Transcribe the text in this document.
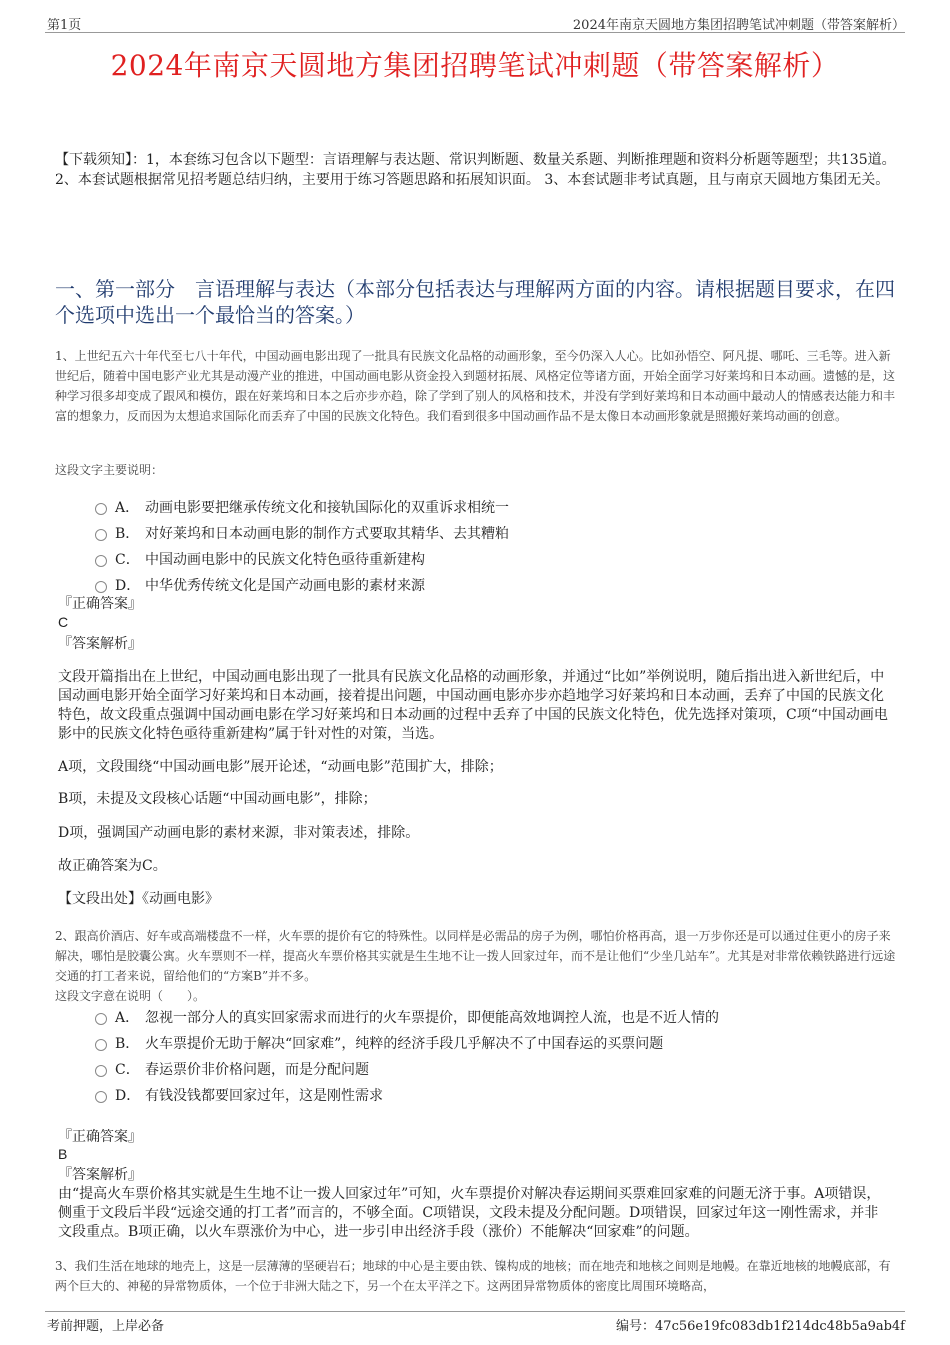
第1页	2024年南京天圆地方集团招聘笔试冲刺题（带答案解析）
2024年南京天圆地方集团招聘笔试冲刺题（带答案解析）
【下载须知】：1，本套练习包含以下题型：言语理解与表达题、常识判断题、数量关系题、判断推理题和资料分析题等题型；共135道。 2、本套试题根据常见招考题总结归纳，主要用于练习答题思路和拓展知识面。 3、本套试题非考试真题，且与南京天圆地方集团无关。
一、第一部分　言语理解与表达（本部分包括表达与理解两方面的内容。请根据题目要求，在四个选项中选出一个最恰当的答案。）
1、上世纪五六十年代至七八十年代，中国动画电影出现了一批具有民族文化品格的动画形象，至今仍深入人心。比如孙悟空、阿凡提、哪吒、三毛等。进入新世纪后，随着中国电影产业尤其是动漫产业的推进，中国动画电影从资金投入到题材拓展、风格定位等诸方面，开始全面学习好莱坞和日本动画。遗憾的是，这种学习很多却变成了跟风和模仿，跟在好莱坞和日本之后亦步亦趋，除了学到了别人的风格和技术，并没有学到好莱坞和日本动画中最动人的情感表达能力和丰富的想象力，反而因为太想追求国际化而丢弃了中国的民族文化特色。我们看到很多中国动画作品不是太像日本动画形象就是照搬好莱坞动画的创意。
这段文字主要说明：
A． 动画电影要把继承传统文化和接轨国际化的双重诉求相统一
B． 对好莱坞和日本动画电影的制作方式要取其精华、去其糟粕
C． 中国动画电影中的民族文化特色亟待重新建构
D． 中华优秀传统文化是国产动画电影的素材来源
『正确答案』
C
『答案解析』
文段开篇指出在上世纪，中国动画电影出现了一批具有民族文化品格的动画形象，并通过“比如”举例说明，随后指出进入新世纪后，中国动画电影开始全面学习好莱坞和日本动画，接着提出问题，中国动画电影亦步亦趋地学习好莱坞和日本动画，丢弃了中国的民族文化特色，故文段重点强调中国动画电影在学习好莱坞和日本动画的过程中丢弃了中国的民族文化特色，优先选择对策项，C项“中国动画电影中的民族文化特色亟待重新建构”属于针对性的对策，当选。
A项，文段围绕“中国动画电影”展开论述，“动画电影”范围扩大，排除；
B项，未提及文段核心话题“中国动画电影”，排除；
D项，强调国产动画电影的素材来源，非对策表述，排除。
故正确答案为C。
【文段出处】《动画电影》
2、跟高价酒店、好车或高端楼盘不一样，火车票的提价有它的特殊性。以同样是必需品的房子为例，哪怕价格再高，退一万步你还是可以通过住更小的房子来解决，哪怕是胶囊公寓。火车票则不一样，提高火车票价格其实就是生生地不让一拨人回家过年，而不是让他们“少坐几站车”。尤其是对非常依赖铁路进行远途交通的打工者来说，留给他们的“方案B”并不多。
这段文字意在说明（　　）。
A． 忽视一部分人的真实回家需求而进行的火车票提价，即便能高效地调控人流，也是不近人情的
B． 火车票提价无助于解决“回家难”，纯粹的经济手段几乎解决不了中国春运的买票问题
C． 春运票价非价格问题，而是分配问题
D． 有钱没钱都要回家过年，这是刚性需求
『正确答案』
B
『答案解析』
由“提高火车票价格其实就是生生地不让一拨人回家过年”可知，火车票提价对解决春运期间买票难回家难的问题无济于事。A项错误，侧重于文段后半段“远途交通的打工者”而言的，不够全面。C项错误，文段未提及分配问题。D项错误，回家过年这一刚性需求，并非文段重点。B项正确，以火车票涨价为中心，进一步引申出经济手段（涨价）不能解决“回家难”的问题。
3、我们生活在地球的地壳上，这是一层薄薄的坚硬岩石；地球的中心是主要由铁、镍构成的地核；而在地壳和地核之间则是地幔。在靠近地核的地幔底部，有两个巨大的、神秘的异常物质体，一个位于非洲大陆之下，另一个在太平洋之下。这两团异常物质体的密度比周围环境略高，
考前押题，上岸必备	编号：47c56e19fc083db1f214dc48b5a9ab4f
